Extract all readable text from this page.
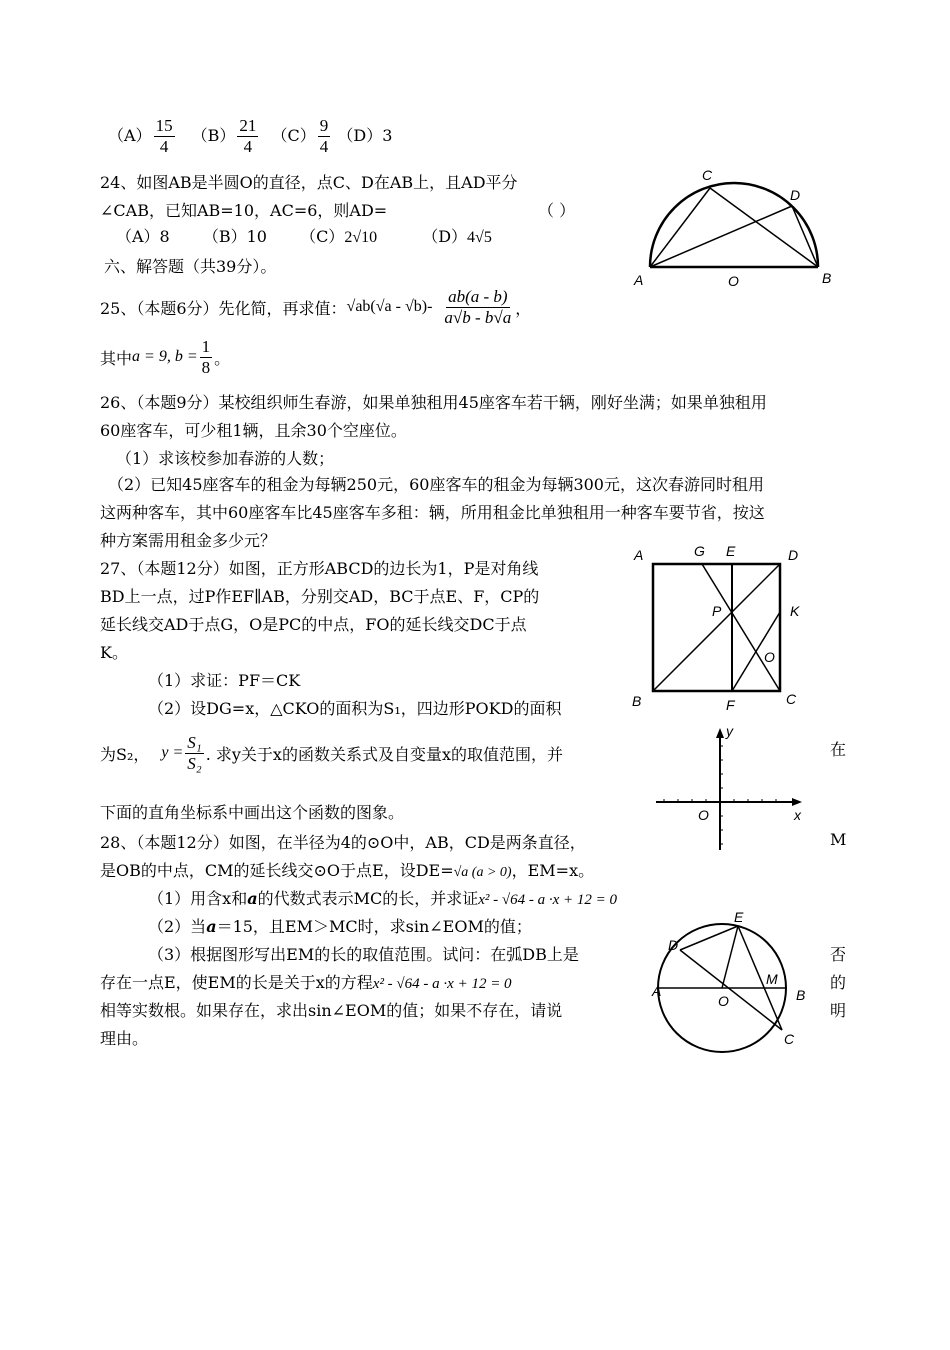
$(A) \frac{15}{4} (B) \frac{21}{4} (C) \frac{9}{4} (D)3$
24、如图AB是半圆O的直径，点C、D在AB上，且AD平分
∠CAB，已知AB=10，AC=6，则AD=	（ ）
（A）8 （B）10 （C）2√10	（D）4√5
A	B
C
D
O
六、解答题（共39分）。
25、（本题6分）先化简，再求值： $√ab(√a - √b)- \frac{ab(a - b)}{a√b - b√a}$ ，
其中 a = 9, $b = \frac{1}{8}$ 。
26、（本题9分）某校组织师生春游，如果单独租用45座客车若干辆，刚好坐满；如果单独租用
60座客车，可少租1辆，且余30个空座位。
（1）求该校参加春游的人数；
（2）已知45座客车的租金为每辆250元，60座客车的租金为每辆300元，这次春游同时租用
这两种客车，其中60座客车比45座客车多租：辆，所用租金比单独租用一种客车要节省，按这
种方案需用租金多少元？
27、（本题12分）如图，正方形ABCD的边长为1，P是对角线
BD上一点，过P作EF∥AB，分别交AD，BC于点E、F，CP的
延长线交AD于点G，O是PC的中点，FO的延长线交DC于点
K。
（1）求证：PF＝CK
（2）设DG=x，△CKO的面积为S₁，四边形POKD的面积
为S₂， $y = \frac{\text{S₁}}{\text{S₂}}$ . 求y关于x的函数关系式及自变量x的取值范围，并	在
下面的直角坐标系中画出这个函数的图象。
A	G E	D
P	K
O
B	F	C
y
x
O
28、（本题12分）如图，在半径为4的⊙O中，AB，CD是两条直径，	M
是OB的中点，CM的延长线交⊙O于点E，设DE=√a (a > 0)，EM=x。
（1）用含x和a的代数式表示MC的长，并求证x² - √64 - a ·x + 12 = 0
（2）当a＝15，且EM＞MC时，求sin∠EOM的值；
（3）根据图形写出EM的长的取值范围。试问：在弧DB上是	否
存在一点E，使EM的长是关于x的方程x² - √64 - a ·x + 12 = 0	的
相等实数根。如果存在，求出sin∠EOM的值；如果不存在，请说	明
理由。
E
D
A
O
M
B
C
